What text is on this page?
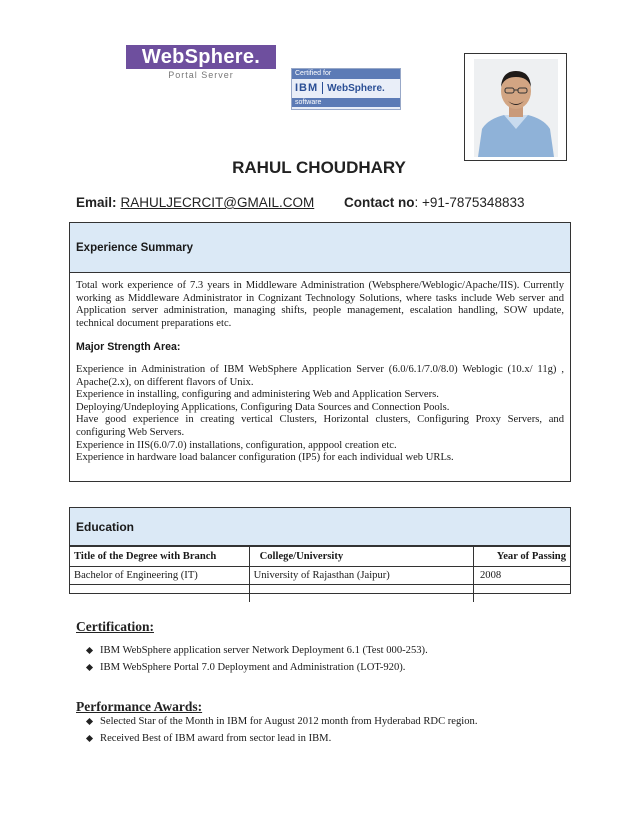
WebSphere.
Portal Server	Certified for
IBM WebSphere.
software
RAHUL CHOUDHARY
Email: RAHULJECRCIT@GMAIL.COM Contact no: +91-7875348833
Experience Summary

Total work experience of 7.3 years in Middleware Administration (Websphere/Weblogic/Apache/IIS). Currently working as Middleware Administrator in Cognizant Technology Solutions, where tasks include Web server and Application server administration, managing shifts, people management, escalation handling, SOW update, technical document preparations etc.

Major Strength Area:

Experience in Administration of IBM WebSphere Application Server (6.0/6.1/7.0/8.0) Weblogic (10.x/ 11g) , Apache(2.x), on different flavors of Unix.

Experience in installing, configuring and administering Web and Application Servers.

Deploying/Undeploying Applications, Configuring Data Sources and Connection Pools.

Have good experience in creating vertical Clusters, Horizontal clusters, Configuring Proxy Servers, and configuring Web Servers.

Experience in IIS(6.0/7.0) installations, configuration, apppool creation etc.

Experience in hardware load balancer configuration (IP5) for each individual web URLs.

Education
Title of the Degree with Branch	College/University	Year of Passing
Bachelor of Engineering (IT)	University of Rajasthan (Jaipur)	2008

Certification:
IBM WebSphere application server Network Deployment 6.1 (Test 000-253).
IBM WebSphere Portal 7.0 Deployment and Administration (LOT-920).
Performance Awards:
Selected Star of the Month in IBM for August 2012 month from Hyderabad RDC region.
Received Best of IBM award from sector lead in IBM.
